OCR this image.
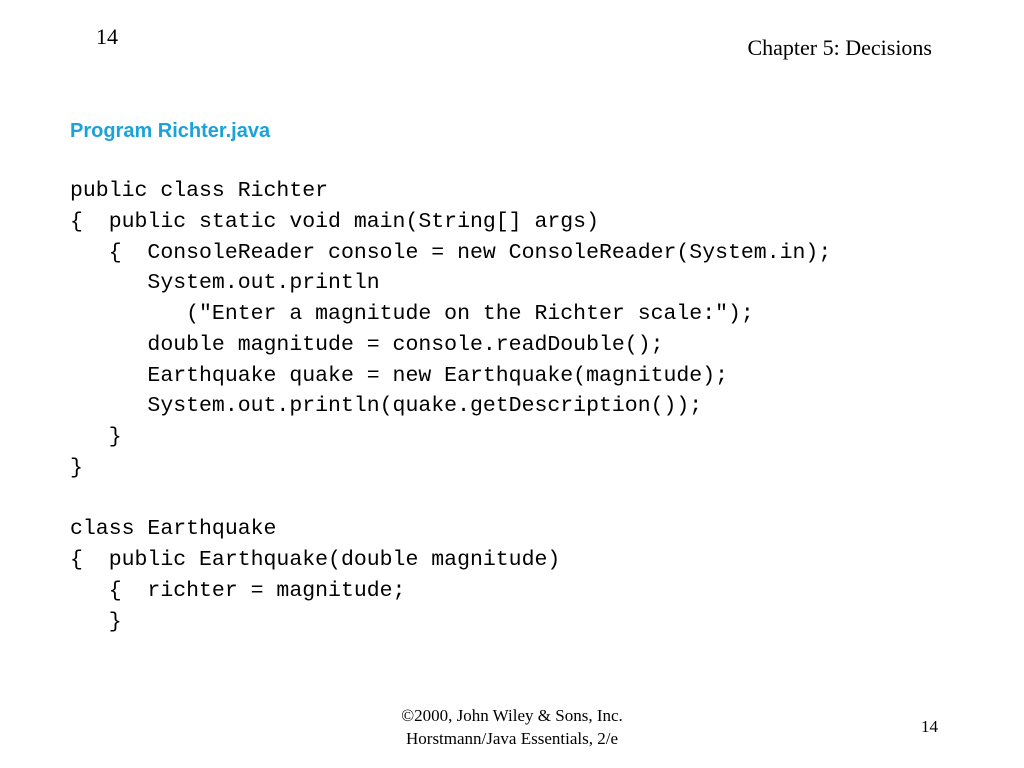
14	Chapter 5: Decisions
Program Richter.java
public class Richter
{  public static void main(String[] args)
{  ConsoleReader console = new ConsoleReader(System.in);
System.out.println
("Enter a magnitude on the Richter scale:");
double magnitude = console.readDouble();
Earthquake quake = new Earthquake(magnitude);
System.out.println(quake.getDescription());
}
}
class Earthquake
{  public Earthquake(double magnitude)
{  richter = magnitude;
}
©2000, John Wiley & Sons, Inc.
Horstmann/Java Essentials, 2/e
14
